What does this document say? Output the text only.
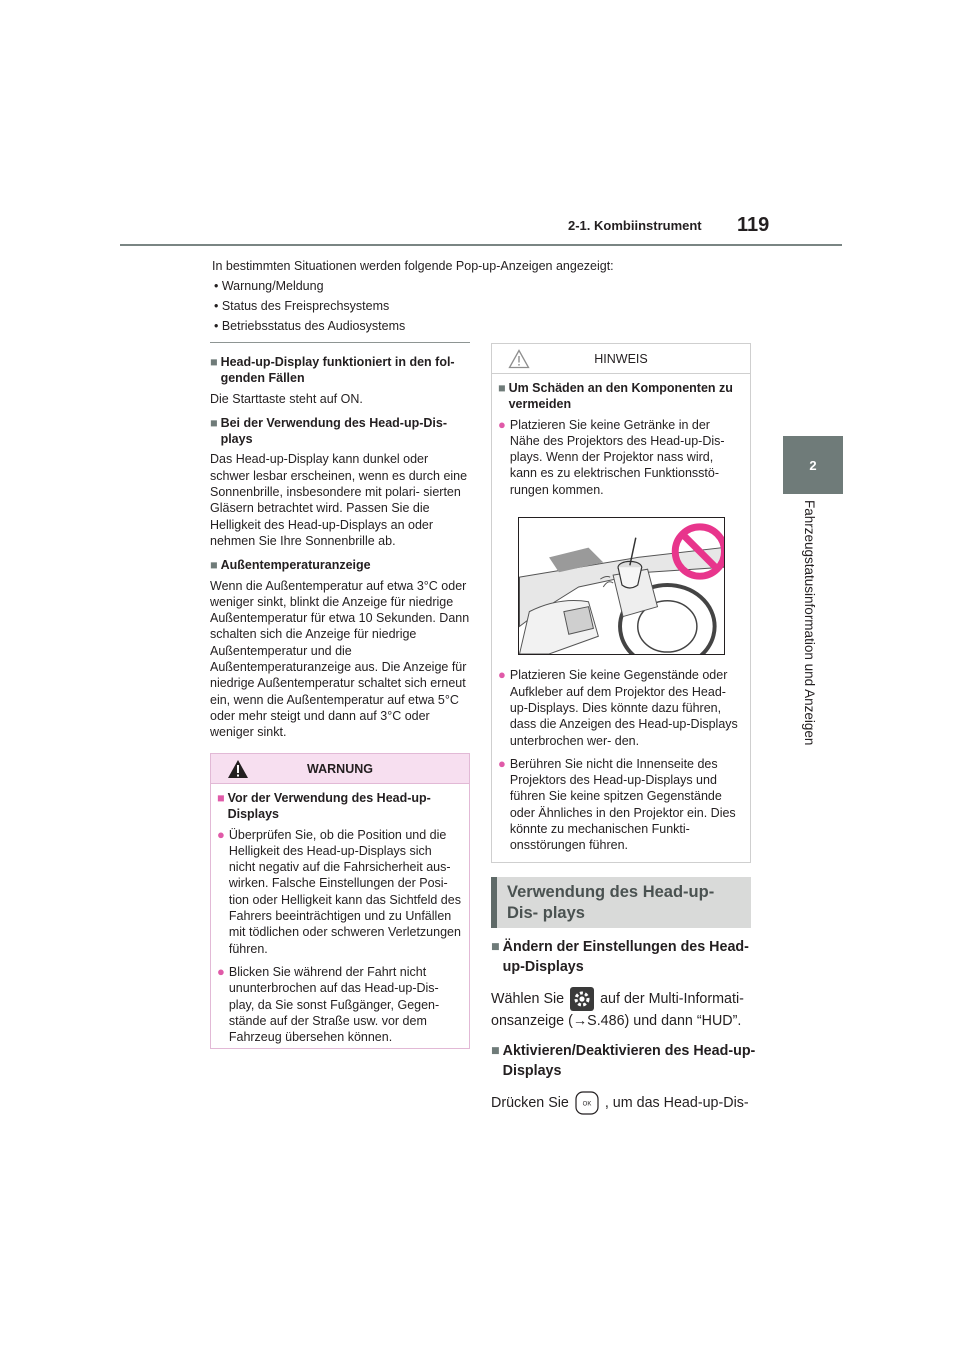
2-1. Kombiinstrument 119
2
Fahrzeugstatusinformation und Anzeigen
In bestimmten Situationen werden folgende Pop-up-Anzeigen angezeigt:
• Warnung/Meldung
• Status des Freisprechsystems
• Betriebsstatus des Audiosystems
■ Head-up-Display funktioniert in den fol- genden Fällen
Die Starttaste steht auf ON.
■ Bei der Verwendung des Head-up-Dis- plays
Das Head-up-Display kann dunkel oder schwer lesbar erscheinen, wenn es durch eine Sonnenbrille, insbesondere mit polari- sierten Gläsern betrachtet wird. Passen Sie die Helligkeit des Head-up-Displays an oder nehmen Sie Ihre Sonnenbrille ab.
■ Außentemperaturanzeige
Wenn die Außentemperatur auf etwa 3°C oder weniger sinkt, blinkt die Anzeige für niedrige Außentemperatur für etwa 10 Sekunden. Dann schalten sich die Anzeige für niedrige Außentemperatur und die Außentemperaturanzeige aus. Die Anzeige für niedrige Außentemperatur schaltet sich erneut ein, wenn die Außentemperatur auf etwa 5°C oder mehr steigt und dann auf 3°C oder weniger sinkt.
WARNUNG
■ Vor der Verwendung des Head-up-Displays
● Überprüfen Sie, ob die Position und die Helligkeit des Head-up-Displays sich nicht negativ auf die Fahrsicherheit aus- wirken. Falsche Einstellungen der Posi- tion oder Helligkeit kann das Sichtfeld des Fahrers beeinträchtigen und zu Unfällen mit tödlichen oder schweren Verletzungen führen.
● Blicken Sie während der Fahrt nicht ununterbrochen auf das Head-up-Dis- play, da Sie sonst Fußgänger, Gegen- stände auf der Straße usw. vor dem Fahrzeug übersehen können.
HINWEIS
■ Um Schäden an den Komponenten zu vermeiden
● Platzieren Sie keine Getränke in der Nähe des Projektors des Head-up-Dis- plays. Wenn der Projektor nass wird, kann es zu elektrischen Funktionsstö- rungen kommen.
● Platzieren Sie keine Gegenstände oder Aufkleber auf dem Projektor des Head-up-Displays. Dies könnte dazu führen, dass die Anzeigen des Head-up-Displays unterbrochen wer- den.
● Berühren Sie nicht die Innenseite des Projektors des Head-up-Displays und führen Sie keine spitzen Gegenstände oder Ähnliches in den Projektor ein. Dies könnte zu mechanischen Funkti- onsstörungen führen.
Verwendung des Head-up-Dis- plays
■ Ändern der Einstellungen des Head-up-Displays
Wählen Sie	auf der Multi-Informati- onsanzeige (→S.486) und dann “HUD”.
■ Aktivieren/Deaktivieren des Head-up-Displays
Drücken Sie OK , um das Head-up-Dis-
